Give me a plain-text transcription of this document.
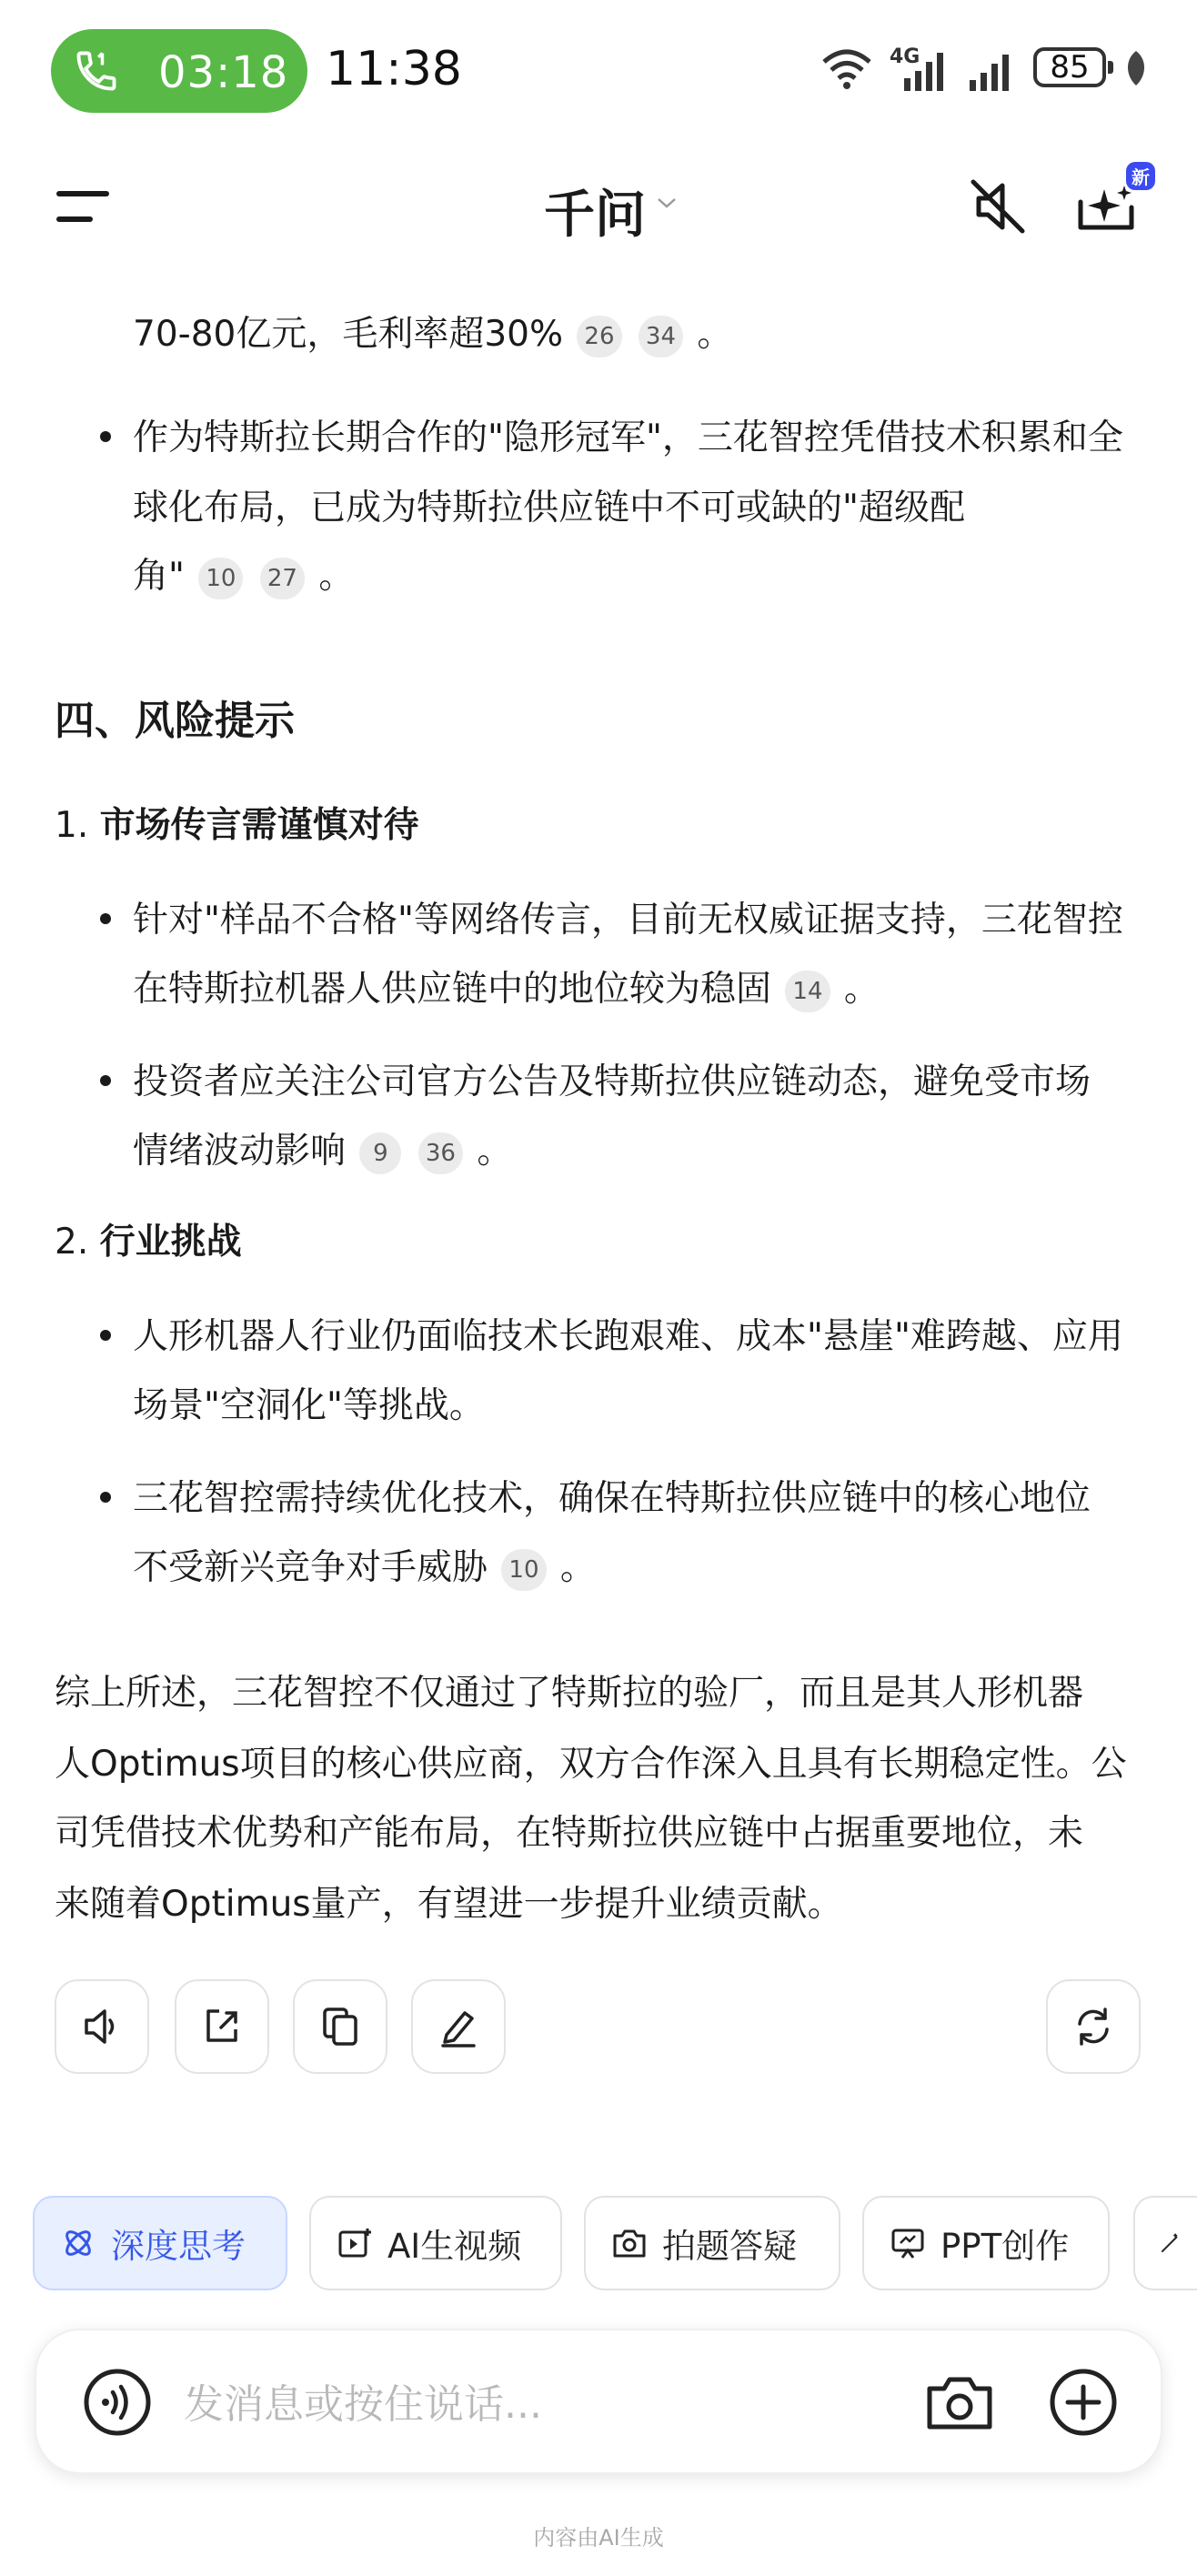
03:18 11:38	4G	85
千问
新
70-80亿元，毛利率超30% 26 34 。
作为特斯拉长期合作的"隐形冠军"，三花智控凭借技术积累和全
球化布局，已成为特斯拉供应链中不可或缺的"超级配
角" 10 27 。
四、风险提示
1. 市场传言需谨慎对待
针对"样品不合格"等网络传言，目前无权威证据支持，三花智控
在特斯拉机器人供应链中的地位较为稳固 14 。
投资者应关注公司官方公告及特斯拉供应链动态，避免受市场
情绪波动影响 9 36 。
2. 行业挑战
人形机器人行业仍面临技术长跑艰难、成本"悬崖"难跨越、应用
场景"空洞化"等挑战。
三花智控需持续优化技术，确保在特斯拉供应链中的核心地位
不受新兴竞争对手威胁 10 。
综上所述，三花智控不仅通过了特斯拉的验厂，而且是其人形机器
人Optimus项目的核心供应商，双方合作深入且具有长期稳定性。公
司凭借技术优势和产能布局，在特斯拉供应链中占据重要地位，未
来随着Optimus量产，有望进一步提升业绩贡献。
深度思考	AI生视频	拍题答疑	PPT创作
发消息或按住说话...
内容由AI生成
